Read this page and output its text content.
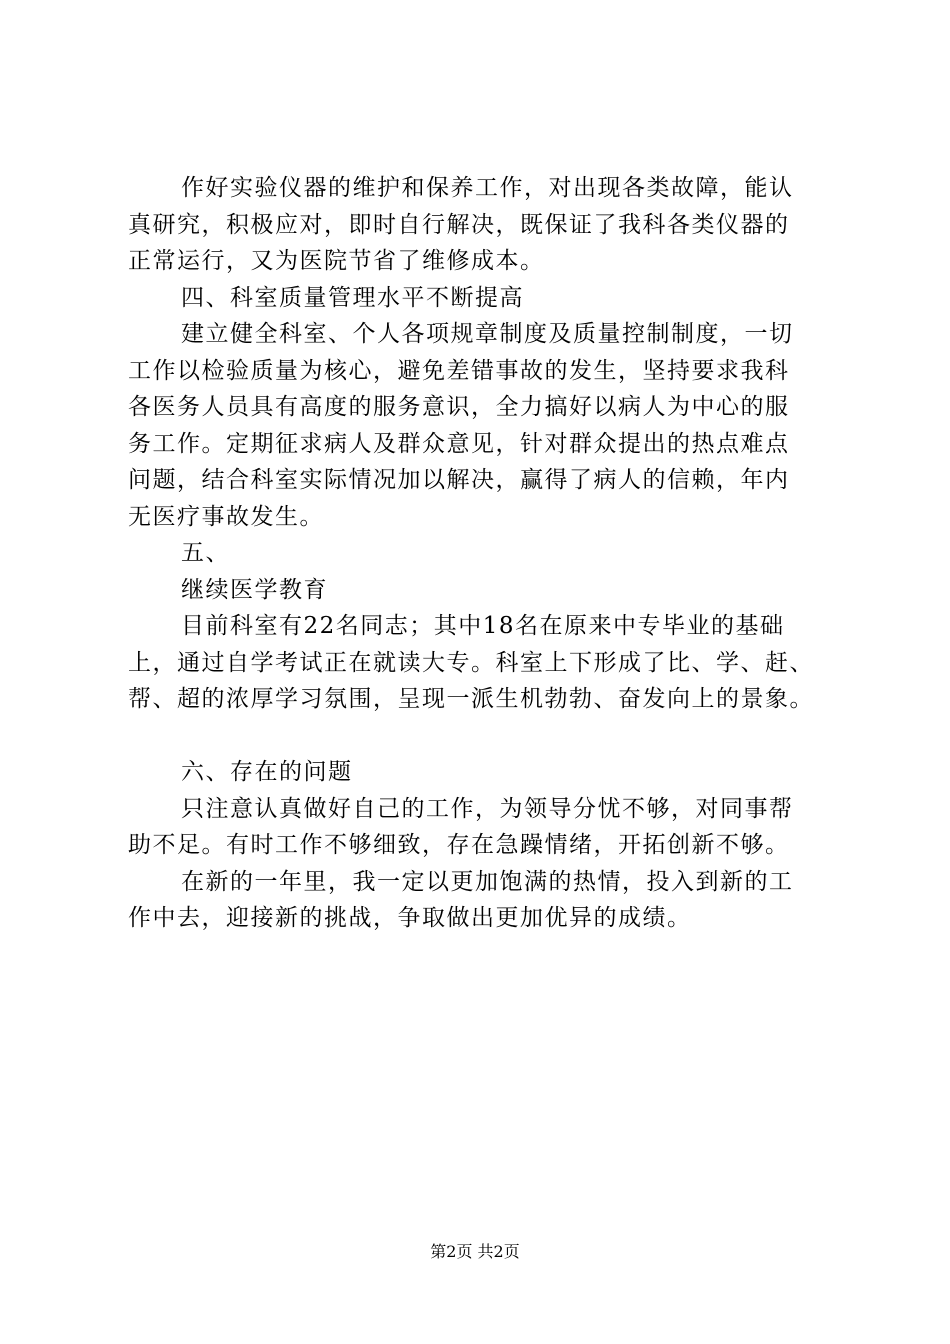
作好实验仪器的维护和保养工作，对出现各类故障，能认
真研究，积极应对，即时自行解决，既保证了我科各类仪器的
正常运行，又为医院节省了维修成本。
四、科室质量管理水平不断提高
建立健全科室、个人各项规章制度及质量控制制度，一切
工作以检验质量为核心，避免差错事故的发生，坚持要求我科
各医务人员具有高度的服务意识，全力搞好以病人为中心的服
务工作。定期征求病人及群众意见，针对群众提出的热点难点
问题，结合科室实际情况加以解决，赢得了病人的信赖，年内
无医疗事故发生。
五、
继续医学教育
目前科室有22名同志；其中18名在原来中专毕业的基础
上，通过自学考试正在就读大专。科室上下形成了比、学、赶、
帮、超的浓厚学习氛围，呈现一派生机勃勃、奋发向上的景象。
六、存在的问题
只注意认真做好自己的工作，为领导分忧不够，对同事帮
助不足。有时工作不够细致，存在急躁情绪，开拓创新不够。
在新的一年里，我一定以更加饱满的热情，投入到新的工
作中去，迎接新的挑战，争取做出更加优异的成绩。
第2页 共2页
